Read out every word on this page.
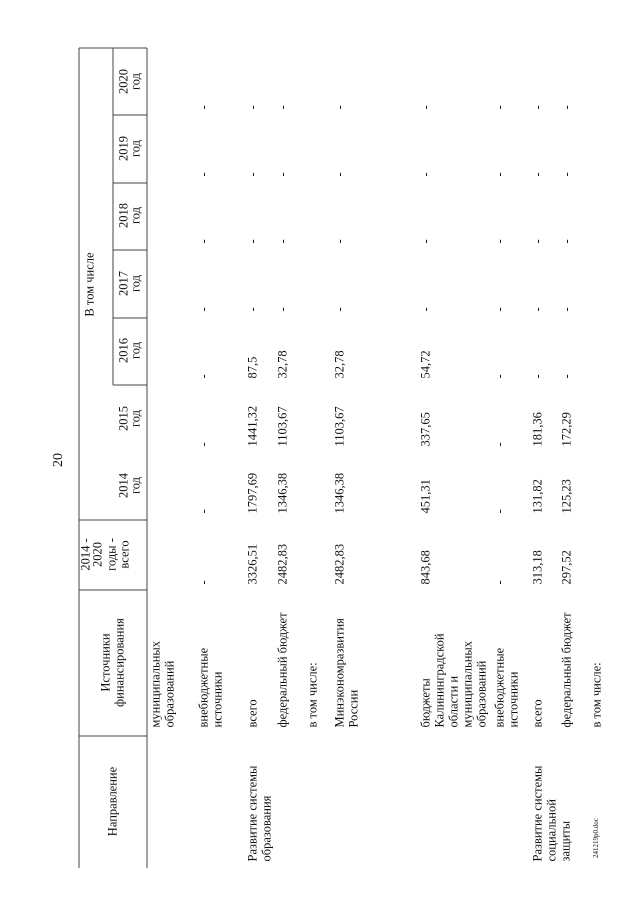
20
241219р0.doc
Направление
Источники финансирования
2014 -
2020 годы - всего
В том числе
2014
год
2015
год
2016
год
2017
год
2018
год
2019
год
2020
год
муниципальных образований внебюджетные источники
-
-
-
-
-
-
-
-
Развитие системы образования
всего
3326,51
1797,69
1441,32
87,5
-
-
-
-
федеральный бюджет
2482,83
1346,38
1103,67
32,78
-
-
-
-
в том числе: Минэкономразвития России
2482,83
1346,38
1103,67
32,78
-
-
-
-
бюджеты Калининградской области и муниципальных образований
843,68
451,31
337,65
54,72
-
-
-
-
внебюджетные источники
-
-
-
-
-
-
-
-
Развитие системы социальной защиты
всего
313,18
131,82
181,36
-
-
-
-
-
федеральный бюджет
297,52
125,23
172,29
-
-
-
-
-
в том числе:
